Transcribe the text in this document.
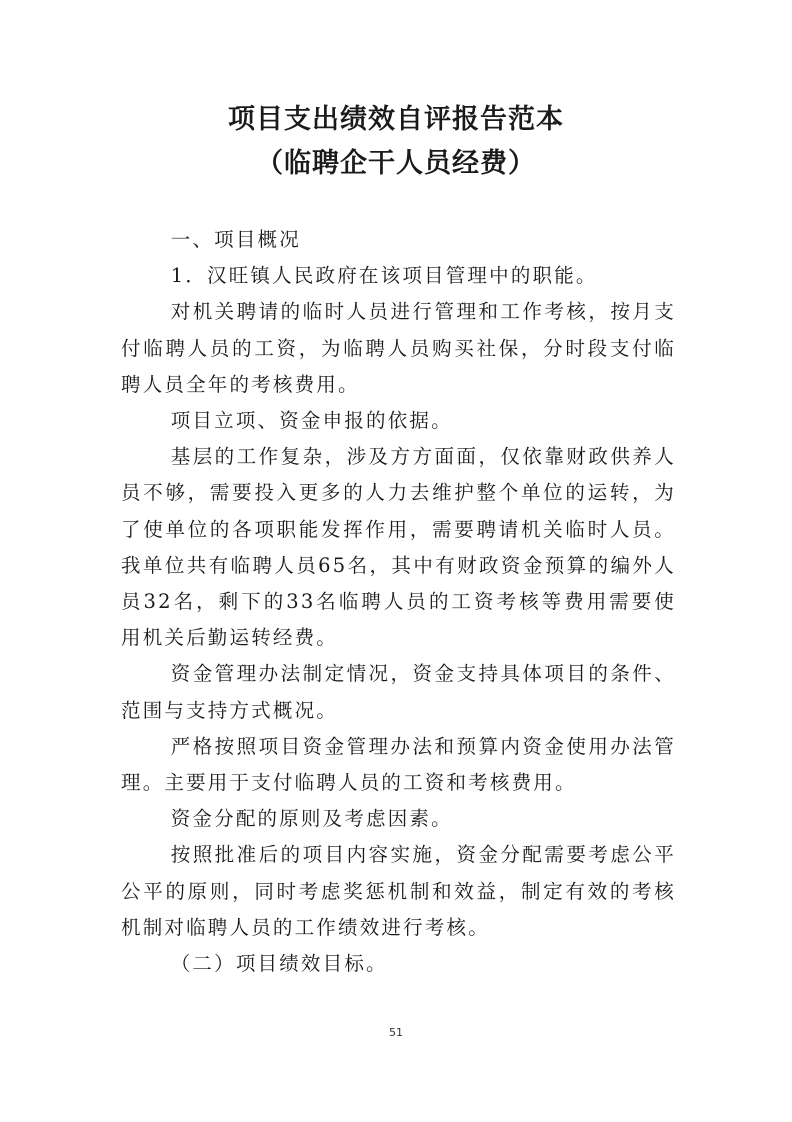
项目支出绩效自评报告范本
（临聘企干人员经费）

一、项目概况

1．汉旺镇人民政府在该项目管理中的职能。

对机关聘请的临时人员进行管理和工作考核，按月支付临聘人员的工资，为临聘人员购买社保，分时段支付临聘人员全年的考核费用。

项目立项、资金申报的依据。

基层的工作复杂，涉及方方面面，仅依靠财政供养人员不够，需要投入更多的人力去维护整个单位的运转，为了使单位的各项职能发挥作用，需要聘请机关临时人员。我单位共有临聘人员65名，其中有财政资金预算的编外人员32名，剩下的33名临聘人员的工资考核等费用需要使用机关后勤运转经费。

资金管理办法制定情况，资金支持具体项目的条件、范围与支持方式概况。

严格按照项目资金管理办法和预算内资金使用办法管理。主要用于支付临聘人员的工资和考核费用。

资金分配的原则及考虑因素。

按照批准后的项目内容实施，资金分配需要考虑公平公平的原则，同时考虑奖惩机制和效益，制定有效的考核机制对临聘人员的工作绩效进行考核。

（二）项目绩效目标。

51
